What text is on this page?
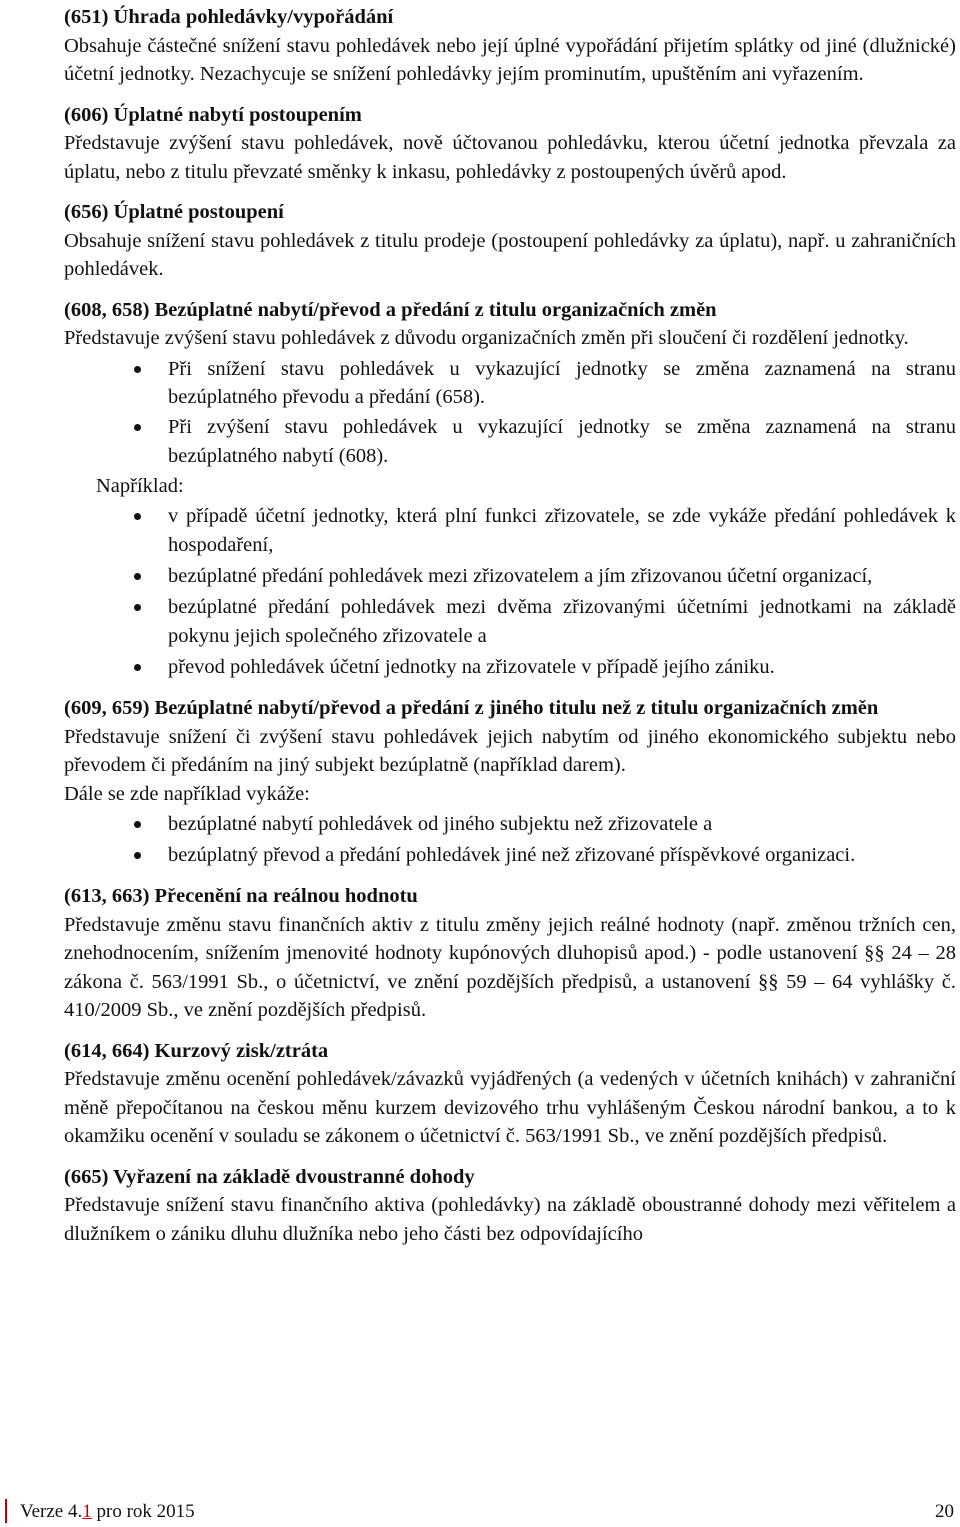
(651) Úhrada pohledávky/vypořádání

Obsahuje částečné snížení stavu pohledávek nebo její úplné vypořádání přijetím splátky od jiné (dlužnické) účetní jednotky. Nezachycuje se snížení pohledávky jejím prominutím, upuštěním ani vyřazením.

(606) Úplatné nabytí postoupením

Představuje zvýšení stavu pohledávek, nově účtovanou pohledávku, kterou účetní jednotka převzala za úplatu, nebo z titulu převzaté směnky k inkasu, pohledávky z postoupených úvěrů apod.

(656) Úplatné postoupení

Obsahuje snížení stavu pohledávek z titulu prodeje (postoupení pohledávky za úplatu), např. u zahraničních pohledávek.

(608, 658) Bezúplatné nabytí/převod a předání z titulu organizačních změn

Představuje zvýšení stavu pohledávek z důvodu organizačních změn při sloučení či rozdělení jednotky.

Při snížení stavu pohledávek u vykazující jednotky se změna zaznamená na stranu bezúplatného převodu a předání (658).
Při zvýšení stavu pohledávek u vykazující jednotky se změna zaznamená na stranu bezúplatného nabytí (608).

Například:

v případě účetní jednotky, která plní funkci zřizovatele, se zde vykáže předání pohledávek k hospodaření,
bezúplatné předání pohledávek mezi zřizovatelem a jím zřizovanou účetní organizací,
bezúplatné předání pohledávek mezi dvěma zřizovanými účetními jednotkami na základě pokynu jejich společného zřizovatele a
převod pohledávek účetní jednotky na zřizovatele v případě jejího zániku.

(609, 659) Bezúplatné nabytí/převod a předání z jiného titulu než z titulu organizačních změn

Představuje snížení či zvýšení stavu pohledávek jejich nabytím od jiného ekonomického subjektu nebo převodem či předáním na jiný subjekt bezúplatně (například darem).

Dále se zde například vykáže:

bezúplatné nabytí pohledávek od jiného subjektu než zřizovatele a
bezúplatný převod a předání pohledávek jiné než zřizované příspěvkové organizaci.

(613, 663) Přecenění na reálnou hodnotu

Představuje změnu stavu finančních aktiv z titulu změny jejich reálné hodnoty (např. změnou tržních cen, znehodnocením, snížením jmenovité hodnoty kupónových dluhopisů apod.) - podle ustanovení §§ 24 – 28 zákona č. 563/1991 Sb., o účetnictví, ve znění pozdějších předpisů, a ustanovení §§ 59 – 64 vyhlášky č. 410/2009 Sb., ve znění pozdějších předpisů.

(614, 664) Kurzový zisk/ztráta

Představuje změnu ocenění pohledávek/závazků vyjádřených (a vedených v účetních knihách) v zahraniční měně přepočítanou na českou měnu kurzem devizového trhu vyhlášeným Českou národní bankou, a to k okamžiku ocenění v souladu se zákonem o účetnictví č. 563/1991 Sb., ve znění pozdějších předpisů.

(665) Vyřazení na základě dvoustranné dohody

Představuje snížení stavu finančního aktiva (pohledávky) na základě oboustranné dohody mezi věřitelem a dlužníkem o zániku dluhu dlužníka nebo jeho části bez odpovídajícího

Verze 4.1 pro rok 2015	20
